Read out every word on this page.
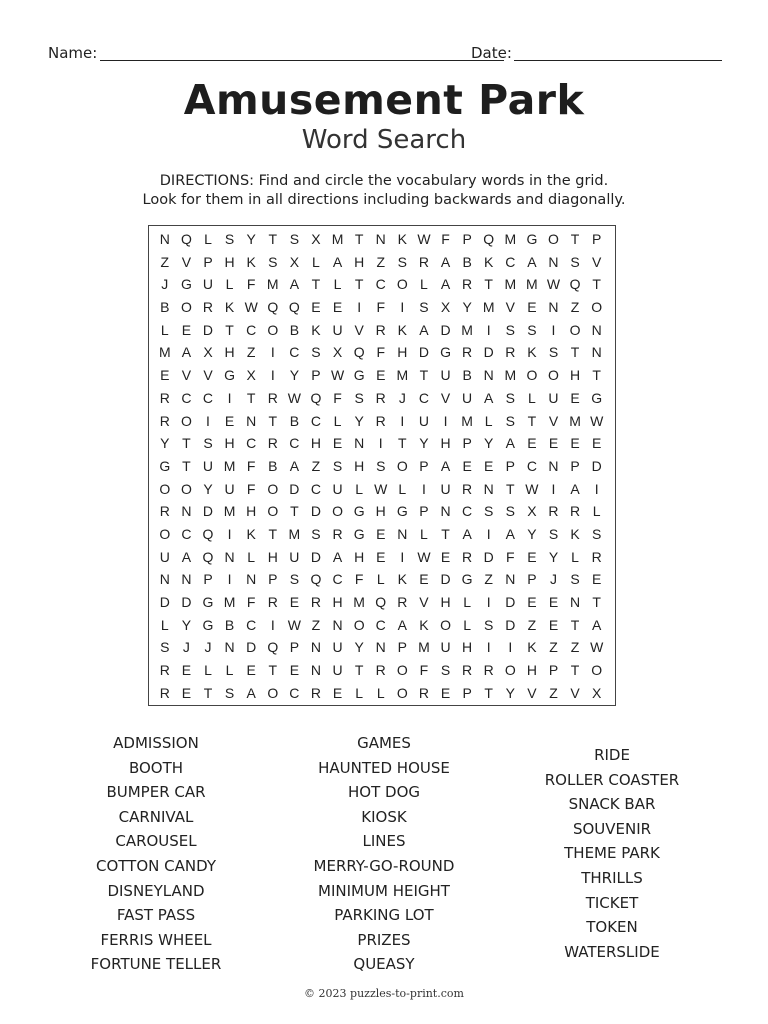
Name:	Date:
Amusement Park
Word Search
DIRECTIONS: Find and circle the vocabulary words in the grid.
Look for them in all directions including backwards and diagonally.
N Q L S Y T S X M T N K W F P Q M G O T P
Z V P H K S X L A H Z S R A B K C A N S V
J G U L F M A T L T C O L A R T M M W Q T
B O R K W Q Q E E	I	F	I	S X Y M V E N Z O
L E D T C O B K U V R K A D M I	S S	I	O N
M A X H Z	I	C S X Q F H D G R D R K S T N
E V V G X	I	Y P W G E M T U B N M O O H T
R C C	I	T R W Q F S R J C V U A S L U E G
R O	I	E N T B C L Y R	I	U	I M L S T V M W
Y T S H C R C H E N	I	T Y H P Y A E E E E
G T U M F B A Z S H S O P A E E P C N P D
O O Y U F O D C U L W L	I	U R N T W I	A	I
R N D M H O T D O G H G P N C S S X R R L
O C Q	I	K T M S R G E N L T A	I	A Y S K S
U A Q N L H U D A H E	I W E R D F E Y L R
N N P	I	N P S Q C F L K E D G Z N P J S E
D D G M F R E R H M Q R V H L	I	D E E N T
L Y G B C	I W Z N O C A K O L S D Z E T A
S J	J N D Q P N U Y N P M U H	I	I	K Z Z W
R E L L E T E N U T R O F S R R O H P T O
R E T S A O C R E L L O R E P T Y V Z V X
ADMISSION
BOOTH
BUMPER CAR
CARNIVAL
CAROUSEL
COTTON CANDY
DISNEYLAND
FAST PASS
FERRIS WHEEL
FORTUNE TELLER
GAMES
HAUNTED HOUSE
HOT DOG
KIOSK
LINES
MERRY-GO-ROUND
MINIMUM HEIGHT
PARKING LOT
PRIZES
QUEASY
RIDE
ROLLER COASTER
SNACK BAR
SOUVENIR
THEME PARK
THRILLS
TICKET
TOKEN
WATERSLIDE
© 2023 puzzles-to-print.com
